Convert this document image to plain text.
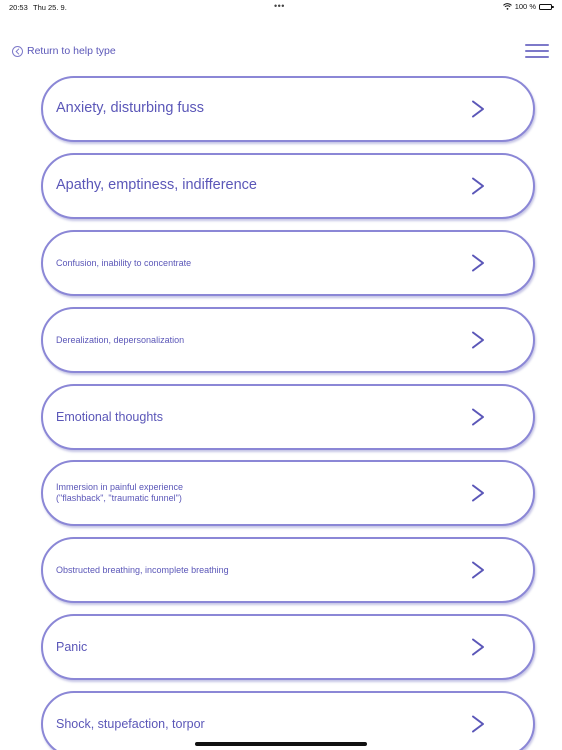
20:53 Thu 25. 9.	•••	100 %
Return to help type
Anxiety, disturbing fuss
Apathy, emptiness, indifference
Confusion, inability to concentrate
Derealization, depersonalization
Emotional thoughts
Immersion in painful experience
("flashback", "traumatic funnel")
Obstructed breathing, incomplete breathing
Panic
Shock, stupefaction, torpor
